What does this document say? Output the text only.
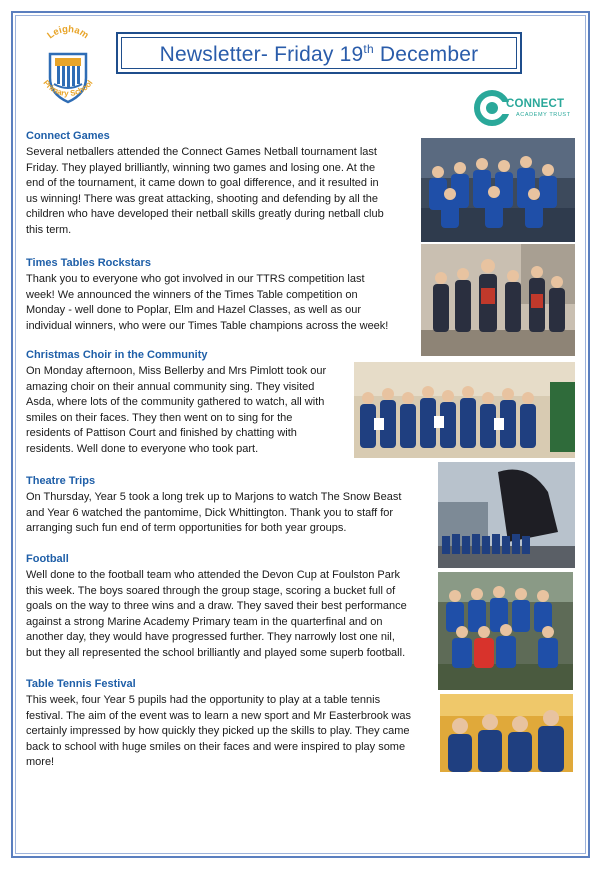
Leigham
Primary School
Newsletter- Friday 19th December
CONNECT
ACADEMY TRUST
Connect Games
Several netballers attended the Connect Games Netball tournament last
Friday. They played brilliantly, winning two games and losing one. At the
end of the tournament, it came down to goal difference, and it resulted in
us winning! There was great attacking, shooting and defending by all the
children who have developed their netball skills greatly during netball club
this term.
Times Tables Rockstars
Thank you to everyone who got involved in our TTRS competition last
week! We announced the winners of the Times Table competition on
Monday - well done to Poplar, Elm and Hazel Classes, as well as our
individual winners, who were our Times Table champions across the week!
Christmas Choir in the Community
On Monday afternoon, Miss Bellerby and Mrs Pimlott took our
amazing choir on their annual community sing. They visited
Asda, where lots of the community gathered to watch, all with
smiles on their faces. They then went on to sing for the
residents of Pattison Court and finished by chatting with
residents. Well done to everyone who took part.
Theatre Trips
On Thursday, Year 5 took a long trek up to Marjons to watch The Snow Beast
and Year 6 watched the pantomime, Dick Whittington. Thank you to staff for
arranging such fun end of term opportunities for both year groups.
Football
Well done to the football team who attended the Devon Cup at Foulston Park
this week. The boys soared through the group stage, scoring a bucket full of
goals on the way to three wins and a draw. They saved their best performance
against a strong Marine Academy Primary team in the quarterfinal and on
another day, they would have progressed further. They narrowly lost one nil,
but they all represented the school brilliantly and played some superb football.
Table Tennis Festival
This week, four Year 5 pupils had the opportunity to play at a table tennis
festival. The aim of the event was to learn a new sport and Mr Easterbrook was
certainly impressed by how quickly they picked up the skills to play. They came
back to school with huge smiles on their faces and were inspired to play some
more!
